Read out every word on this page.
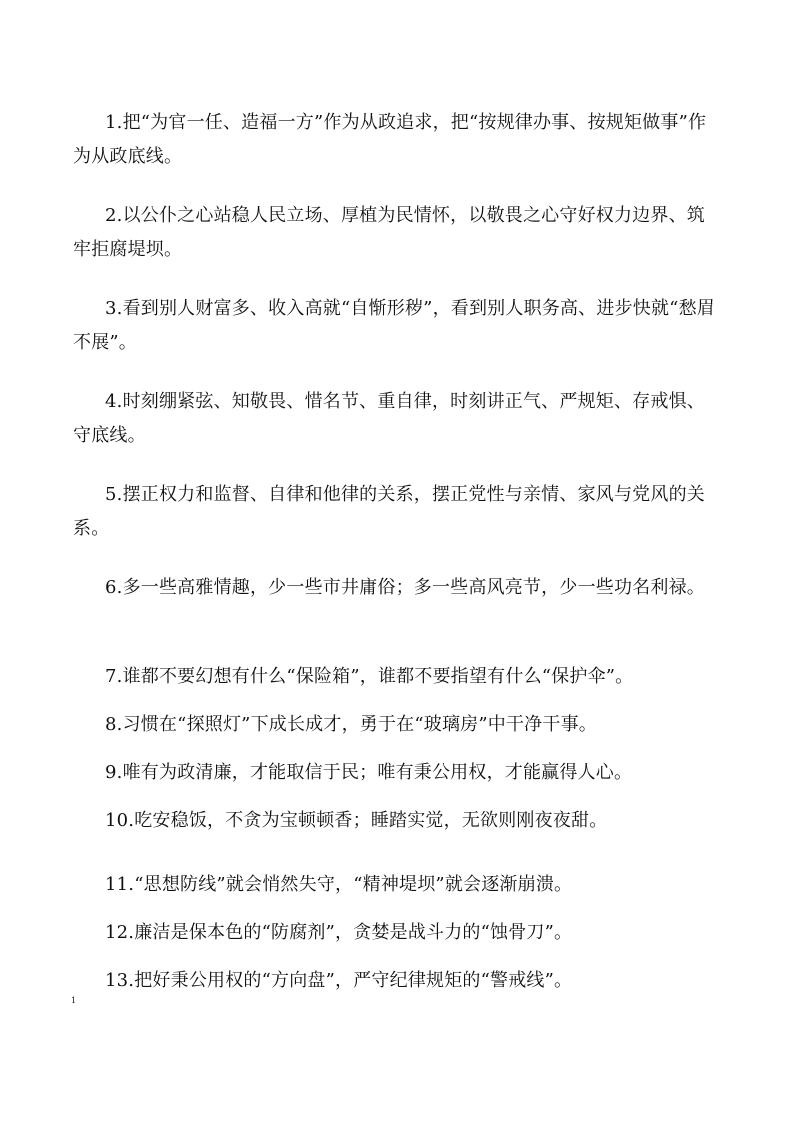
1.把“为官一任、造福一方”作为从政追求，把“按规律办事、按规矩做事”作为从政底线。

2.以公仆之心站稳人民立场、厚植为民情怀，以敬畏之心守好权力边界、筑牢拒腐堤坝。

3.看到别人财富多、收入高就“自惭形秽”，看到别人职务高、进步快就“愁眉不展”。

4.时刻绷紧弦、知敬畏、惜名节、重自律，时刻讲正气、严规矩、存戒惧、守底线。

5.摆正权力和监督、自律和他律的关系，摆正党性与亲情、家风与党风的关系。

6.多一些高雅情趣，少一些市井庸俗；多一些高风亮节，少一些功名利禄。

7.谁都不要幻想有什么“保险箱”，谁都不要指望有什么“保护伞”。

8.习惯在“探照灯”下成长成才，勇于在“玻璃房”中干净干事。

9.唯有为政清廉，才能取信于民；唯有秉公用权，才能赢得人心。

10.吃安稳饭，不贪为宝顿顿香；睡踏实觉，无欲则刚夜夜甜。

11.“思想防线”就会悄然失守，“精神堤坝”就会逐渐崩溃。

12.廉洁是保本色的“防腐剂”，贪婪是战斗力的“蚀骨刀”。

13.把好秉公用权的“方向盘”，严守纪律规矩的“警戒线”。

1
